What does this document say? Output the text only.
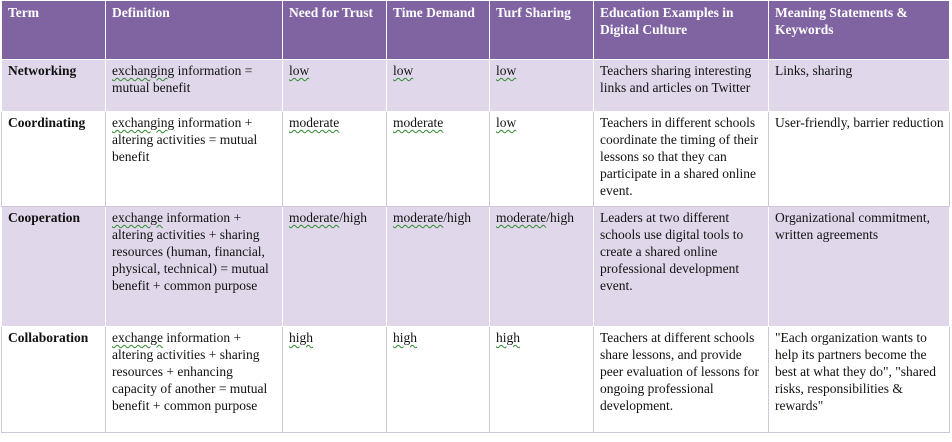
Term	Definition	Need for Trust	Time Demand	Turf Sharing	Education Examples in Digital Culture	Meaning Statements & Keywords
Networking	exchanging information = mutual benefit	low	low	low	Teachers sharing interesting links and articles on Twitter	Links, sharing
Coordinating	exchanging information + altering activities = mutual benefit	moderate	moderate	low	Teachers in different schools coordinate the timing of their lessons so that they can participate in a shared online event.	User-friendly, barrier reduction
Cooperation	exchange information + altering activities + sharing resources (human, financial, physical, technical) = mutual benefit + common purpose	moderate/high	moderate/high	moderate/high	Leaders at two different schools use digital tools to create a shared online professional development event.	Organizational commitment, written agreements
Collaboration	exchange information + altering activities + sharing resources + enhancing capacity of another = mutual benefit + common purpose	high	high	high	Teachers at different schools share lessons, and provide peer evaluation of lessons for ongoing professional development.	"Each organization wants to help its partners become the best at what they do", "shared risks, responsibilities & rewards"
